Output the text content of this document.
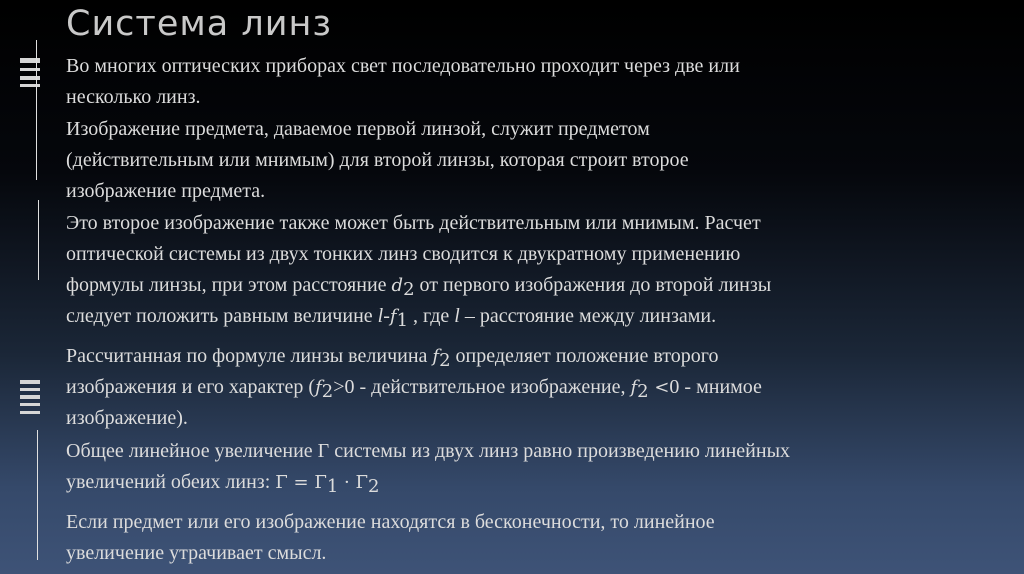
Система линз

Во многих оптических приборах свет последовательно проходит через две или
несколько линз.

Изображение предмета, даваемое первой линзой, служит предметом
(действительным или мнимым) для второй линзы, которая строит второе
изображение предмета.

Это второе изображение также может быть действительным или мнимым. Расчет
оптической системы из двух тонких линз сводится к двукратному применению
формулы линзы, при этом расстояние $d_2$ от первого изображения до второй линзы
следует положить равным величине $l-f_1$ , где l – расстояние между линзами.

Рассчитанная по формуле линзы величина $f_2$ определяет положение второго
изображения и его характер ($f_2>0$ - действительное изображение, $f_2 <0$ - мнимое
изображение).

Общее линейное увеличение Г системы из двух линз равно произведению линейных
увеличений обеих линз: $\Gamma = \Gamma_1 \cdot \Gamma_2$

Если предмет или его изображение находятся в бесконечности, то линейное
увеличение утрачивает смысл.
